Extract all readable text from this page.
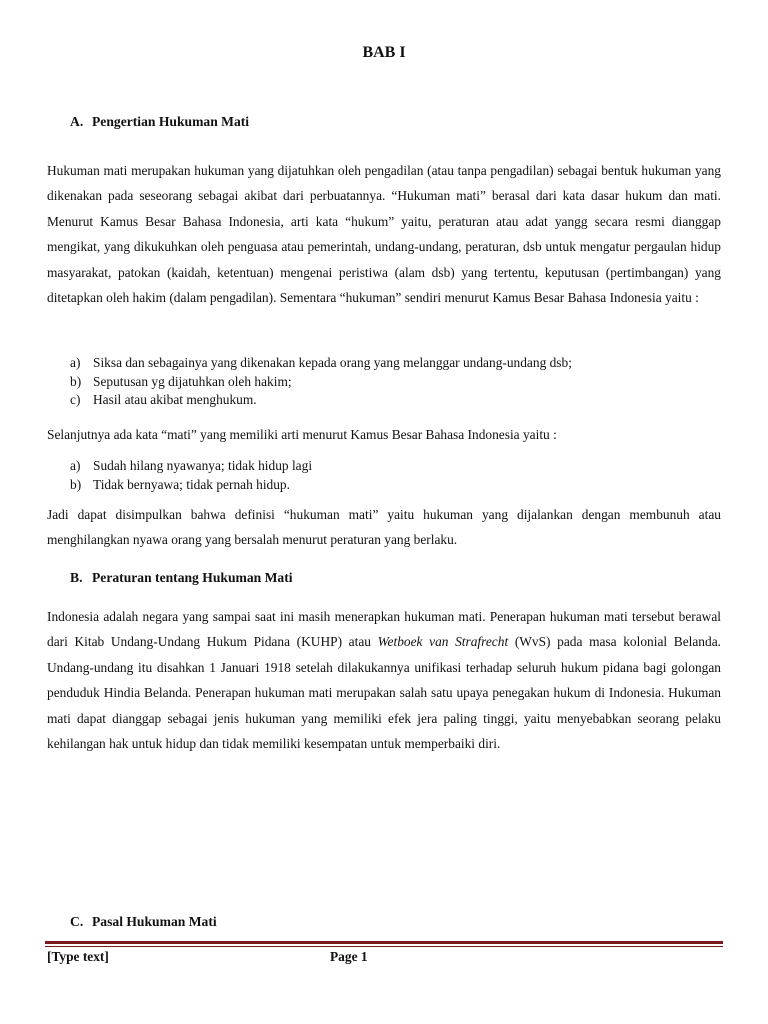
BAB I
A. Pengertian Hukuman Mati
Hukuman mati merupakan hukuman yang dijatuhkan oleh pengadilan (atau tanpa pengadilan) sebagai bentuk hukuman yang dikenakan pada seseorang sebagai akibat dari perbuatannya. “Hukuman mati” berasal dari kata dasar hukum dan mati. Menurut Kamus Besar Bahasa Indonesia, arti kata “hukum” yaitu, peraturan atau adat yangg secara resmi dianggap mengikat, yang dikukuhkan oleh penguasa atau pemerintah, undang-undang, peraturan, dsb untuk mengatur pergaulan hidup masyarakat, patokan (kaidah, ketentuan) mengenai peristiwa (alam dsb) yang tertentu, keputusan (pertimbangan) yang ditetapkan oleh hakim (dalam pengadilan). Sementara “hukuman” sendiri menurut Kamus Besar Bahasa Indonesia yaitu :
a) Siksa dan sebagainya yang dikenakan kepada orang yang melanggar undang-undang dsb;
b) Seputusan yg dijatuhkan oleh hakim;
c) Hasil atau akibat menghukum.
Selanjutnya ada kata “mati” yang memiliki arti menurut Kamus Besar Bahasa Indonesia yaitu :
a) Sudah hilang nyawanya; tidak hidup lagi
b) Tidak bernyawa; tidak pernah hidup.
Jadi dapat disimpulkan bahwa definisi “hukuman mati” yaitu hukuman yang dijalankan dengan membunuh atau menghilangkan nyawa orang yang bersalah menurut peraturan yang berlaku.
B. Peraturan tentang Hukuman Mati
Indonesia adalah negara yang sampai saat ini masih menerapkan hukuman mati. Penerapan hukuman mati tersebut berawal dari Kitab Undang-Undang Hukum Pidana (KUHP) atau Wetboek van Strafrecht (WvS) pada masa kolonial Belanda. Undang-undang itu disahkan 1 Januari 1918 setelah dilakukannya unifikasi terhadap seluruh hukum pidana bagi golongan penduduk Hindia Belanda. Penerapan hukuman mati merupakan salah satu upaya penegakan hukum di Indonesia. Hukuman mati dapat dianggap sebagai jenis hukuman yang memiliki efek jera paling tinggi, yaitu menyebabkan seorang pelaku kehilangan hak untuk hidup dan tidak memiliki kesempatan untuk memperbaiki diri.
C. Pasal Hukuman Mati
[Type text]	Page 1
